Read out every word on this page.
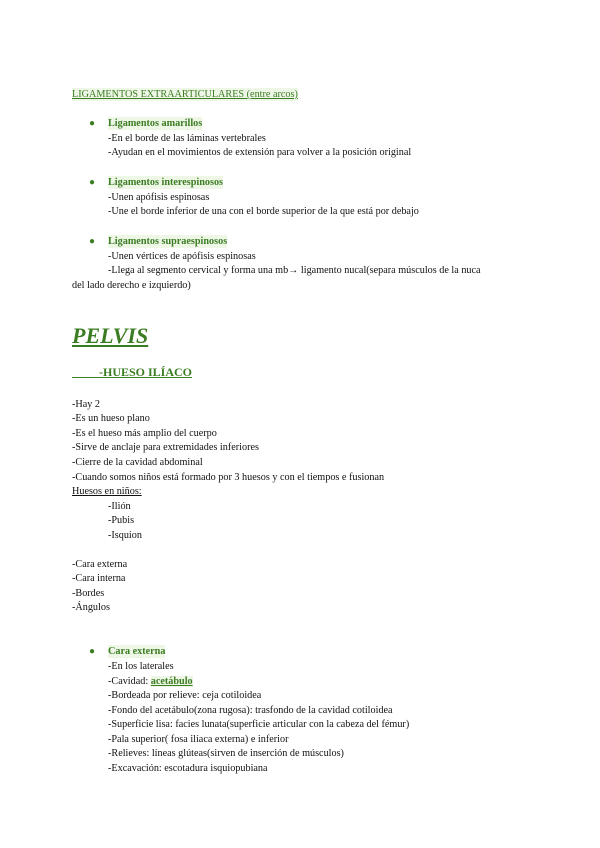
LIGAMENTOS EXTRAARTICULARES (entre arcos)
● Ligamentos amarillos
-En el borde de las láminas vertebrales
-Ayudan en el movimientos de extensión para volver a la posición original
● Ligamentos interespinosos
-Unen apófisis espinosas
-Une el borde inferior de una con el borde superior de la que está por debajo
● Ligamentos supraespinosos
-Unen vértices de apófisis espinosas
-Llega al segmento cervical y forma una mb→ ligamento nucal(separa músculos de la nuca
del lado derecho e izquierdo)
PELVIS
-HUESO ILÍACO
-Hay 2
-Es un hueso plano
-Es el hueso más amplio del cuerpo
-Sirve de anclaje para extremidades inferiores
-Cierre de la cavidad abdominal
-Cuando somos niños está formado por 3 huesos y con el tiempos e fusionan
Huesos en niños:
-Ilión
-Pubis
-Isquion
-Cara externa
-Cara interna
-Bordes
-Ángulos
● Cara externa
-En los laterales
-Cavidad: acetábulo
-Bordeada por relieve: ceja cotiloidea
-Fondo del acetábulo(zona rugosa): trasfondo de la cavidad cotiloidea
-Superficie lisa: facies lunata(superficie articular con la cabeza del fémur)
-Pala superior( fosa ilíaca externa) e inferior
-Relieves: líneas glúteas(sirven de inserción de músculos)
-Excavación: escotadura isquiopubiana
